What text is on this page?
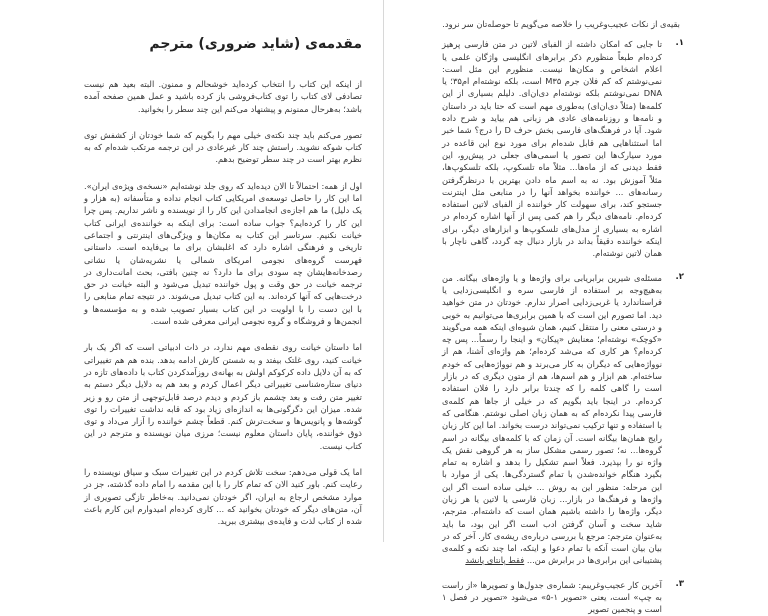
مقدمه‌ی (شاید ضروری) مترجم

از اینکه این کتاب را انتخاب کرده‌اید خوشحالم و ممنون. البته بعید هم نیست تصادفی لای کتاب را توی کتاب‌فروشی باز کرده باشید و عمل همین صفحه آمده باشد؛ به‌هرحال ممنونم و پیشنهاد می‌کنم این چند سطر را بخوانید.

تصور می‌کنم باید چند نکته‌ی خیلی مهم را بگویم که شما خودتان از کشفش توی کتاب شوکه نشوید. راستش چند کار غیرعادی در این ترجمه مرتکب شده‌ام که به نظرم بهتر است در چند سطر توضیح بدهم.

اول از همه: احتمالاً تا الان دیده‌اید که روی جلد نوشته‌ایم «نسخه‌ی ویژه‌ی ایران». اما این کار را حاصل توسعه‌ی امریکایی کتاب انجام نداده و متأسفانه (به هزار و یک دلیل) ما هم اجازه‌ی انجامدادن این کار را از نویسنده و ناشر نداریم. پس چرا این کار را کرده‌ایم؟ جواب ساده است: برای اینکه به خواننده‌ی ایرانی کتاب خیانت نکنیم. سرتاسر این کتاب به مکان‌ها و ویژگی‌های اینترنتی و اجتماعی تاریخی و فرهنگی اشاره دارد که اغلبشان برای ما بی‌فایده است. داستانی فهرست گروه‌های نجومی امریکای شمالی یا نشریه‌شان یا نشانی رصدخانه‌هایشان چه سودی برای ما دارد؟ نه چنین بافتی، بحث امانت‌داری در ترجمه خیانت در حق وقت و پول خواننده تبدیل می‌شود و البته خیانت در حق درخت‌هایی که آنها کرده‌اند. به این کتاب تبدیل می‌شوند. در نتیجه تمام منابعی را با این دست را با اولویت در این کتاب بسیار تصویب شده و به مؤسسه‌ها و انجمن‌ها و فروشگاه و گروه نجومی ایرانی معرفی شده است.

اما داستان خیانت روی نقطه‌ی مهم ندارد، در ذات ادبیاتی است که اگر یک بار خیانت کنید، روی غلتک بیفتد و به شستن کارش ادامه بدهد. بنده هم هم تغییراتی که به آن دلایل داده کرکوکم اولش به بهانه‌ی روزآمدکردن کتاب با داده‌های تازه در دنیای ستاره‌شناسی تغییراتی دیگر اعمال کردم و بعد هم به دلایل دیگر دستم به تغییر متن رفت و بعد چشمم باز کردم و دیدم درصد قابل‌توجهی از متن رو و زیر شده. میزان این دگرگونی‌ها به اندازه‌ای زیاد بود که قابه نداشت تغییرات را توی گوشه‌ها و پانویس‌ها و سخت‌ترش کنم. قطعاً چشم خواننده را آزار می‌داد و توی ذوق خواننده، پایان داستان معلوم نیست؛ مرزی میان نویسنده و مترجم در این کتاب نیست.

اما یک قولی می‌دهم: سخت تلاش کردم در این تغییرات سبک و سیاق نویسنده را رعایت کنم. باور کنید الان که تمام کار را با این مقدمه را امام داده گذشته، جز در موارد مشخص ارجاع به ایران، اگر خودتان نمی‌دانید. به‌خاطر تازگی تصویری از آن، متن‌های دیگر که خودتان بخوانید که ... کاری کرده‌ام امیدوارم این کارم باعث شده از کتاب لذت و فایده‌ی بیشتری ببرید.

بقیه‌ی از نکات عجیب‌وغریب را خلاصه می‌گویم تا حوصله‌تان سر نرود.
۱.
تا جایی که امکان داشته از الفبای لاتین در متن فارسی پرهیز کرده‌ام طبعاً منظورم ذکر برابرهای انگلیسی واژگان علمی یا اعلام اشخاص و مکان‌ها نیست. منظورم این مثل است: نمی‌نوشتم که کم فلان جرم M۳۵ است، بلکه نوشته‌ام ام‌۳۵؛ یا DNA نمی‌نوشتم بلکه نوشته‌ام دی‌ان‌ای. دلیلم بسیاری از این کلمه‌ها (مثلاً دی‌ان‌ای) به‌طوری مهم است که حتا باید در داستان و نامه‌ها و روزنامه‌های عادی هر زبانی هم بیاید و شرح داده شود. آیا در فرهنگ‌های فارسی بخش حرف D را درج؟ شما خبر اما استثناهایی هم قابل شده‌ام برای مورد نوع این قاعده در مورد سیارک‌ها این تصور یا اسمی‌های جعلی در پیش‌رو، این فقط دیدنی که از ماه‌ها... مثلاً ماه تلسکوپ، بلکه تلسکوپ‌ها، مثلاً آموزش بود. نه به اسم ماه دادن بهترین با درنظرگرفتن رسانه‌های ... خواننده بخواهد آنها را در منابعی مثل اینترنت جستجو کند، برای سهولت کار خواننده از الفبای لاتین استفاده کرده‌ام. نامه‌های دیگر را هم کمی پس از آنها اشاره کرده‌ام در اشاره به بسیاری از مدل‌های تلسکوپ‌ها و ابزارهای دیگر، برای اینکه خواننده دقیقاً بداند در بازار دنبال چه گردد، گاهی ناچار با همان لاتین نوشته‌ام.
۲.
مسئله‌ی شیرین برابریابی برای واژه‌ها و یا واژه‌های بیگانه. من به‌هیچ‌وجه بر استفاده از فارسی سره و انگلیسی‌زدایی یا فراستاندارد یا غربی‌زدایی اصرار ندارم. خودتان در متن خواهید دید. اما تصورم این است که با همین برابری‌ها می‌توانیم به خوبی و درستی معنی را منتقل کنیم، همان شیوه‌ای اینکه همه می‌گویند «کوچک» نوشته‌ام؛ معنایش «پیکان» و اینجا را رسماً... پس چه کرده‌ام؟ هر کاری که می‌شد کرده‌ام؛ هم واژه‌ای آشنا، هم از نوواژه‌هایی که دیگران به کار می‌برند و هم نوواژه‌هایی که خودم ساخته‌ام. هم ابزار و هم اسم‌ها، هم از متون دیگری که در بازار است را گاهی کلمه را که چندتا برابر دارد را فلان استفاده کرده‌ام. در اینجا باید بگویم که در خیلی از جاها هم کلمه‌ی فارسی پیدا نکرده‌ام که به همان زبان اصلی نوشتم. هنگامی که با استفاده و تنها ترکیب نمی‌تواند درست بخواند. اما این کار زبان رایج همان‌ها بیگانه است. آن زمان که با کلمه‌های بیگانه در اسم گروه‌ها... نه؛ تصور رسمی مشکل ساز به هر گروهی نقش یک واژه نو را بپذیرد. فعلاً اسم تشکیل را بدهد و اشاره به تمام بگیرد هنگام خوانده‌شدن با تمام گستردگی‌ها. یکی از موارد با این مرحله: منظور این به روش ... خیلی ساده است اگر این واژه‌ها و فرهنگ‌ها در بازار... زبان فارسی یا لاتین یا هر زبان دیگر، واژه‌ها را داشته باشیم همان است که داشته‌ام. مترجم، شاید سخت و آسان گرفتن ادب است اگر این بود، ما باید به‌عنوان مترجم: مرجع یا بررسی درباره‌ی ریشه‌ی کار. آخر که در بیان بیان است آنکه با تمام دعوا و اینکه، اما چند نکته و کلمه‌ی پشتیبانی این برابری‌ها در برابرش من... فقط پانتای پانشد
۳.
آخرین کار عجیب‌وغریبم: شماره‌ی جدول‌ها و تصویرها «از راست به چپ» است، یعنی «تصویر ۱-۵» می‌شود «تصویر در فصل ۱ است و پنجمین تصویر
